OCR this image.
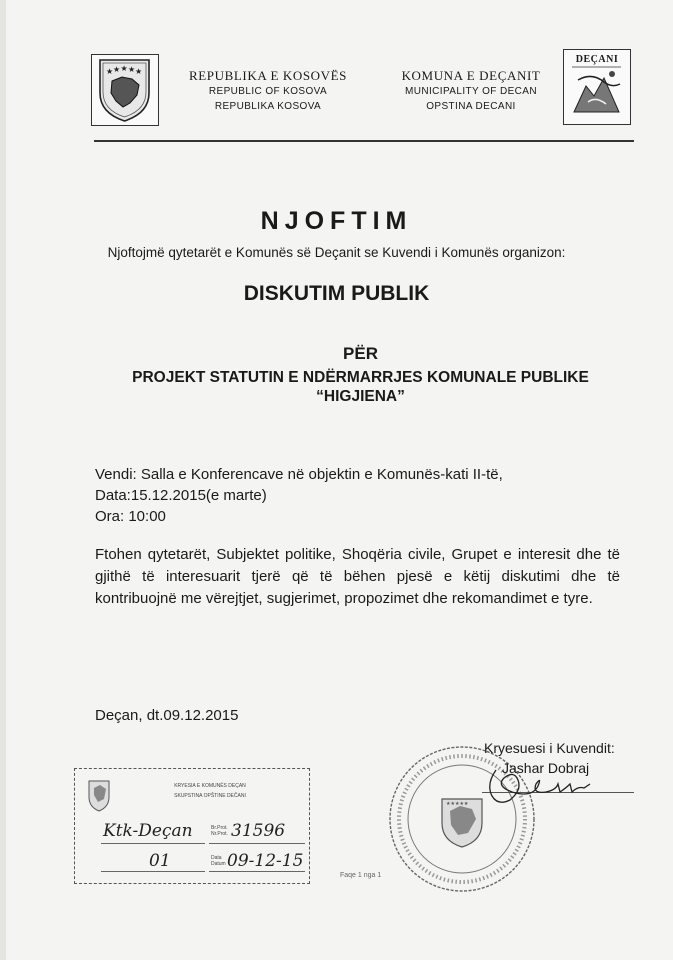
★ ★ ★ ★ ★	REPUBLIKA E KOSOVËS
REPUBLIC OF KOSOVA
REPUBLIKA KOSOVA
KOMUNA E DEÇANIT
MUNICIPALITY OF DECAN
OPSTINA DECANI
DEÇANI
NJOFTIM
Njoftojmë qytetarët e Komunës së Deçanit se Kuvendi i Komunës organizon:
DISKUTIM PUBLIK
PËR
PROJEKT STATUTIN E NDËRMARRJES KOMUNALE PUBLIKE
“HIGJIENA”
Vendi: Salla e Konferencave në objektin e Komunës-kati II-të,
Data:15.12.2015(e marte)
Ora: 10:00
Ftohen qytetarët, Subjektet politike, Shoqëria civile, Grupet e interesit dhe të gjithë të interesuarit tjerë që të bëhen pjesë e këtij diskutimi dhe të kontribuojnë me vërejtjet, sugjerimet, propozimet dhe rekomandimet e tyre.
Deçan, dt.09.12.2015
★★★★★
Kryesuesi i Kuvendit:
Jashar Dobraj
KRYESIA E KOMUNËS DEÇAN
SKUPSTINA OPŠTINE DEČANI
Ktk-Deçan	Br.Prot.
Nr.Prot. 31596
01	Data
Datum 09-12-15
Faqe 1 nga 1
